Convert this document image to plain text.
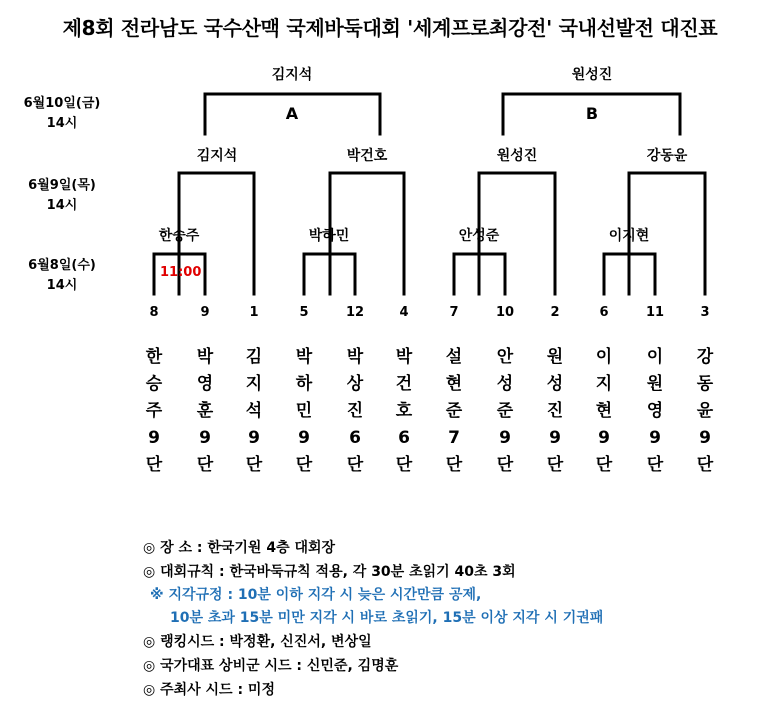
제8회 전라남도 국수산맥 국제바둑대회 '세계프로최강전' 국내선발전 대진표
6월10일(금)
14시
6월9일(목)
14시
6월8일(수)
14시
김지석	원성진
A	B
김지석	박건호	원성진	강동윤
한승주	박하민	안성준	이지현
11:00
8
한
승
주
9
단
9
박
영
훈
9
단
1
김
지
석
9
단
5
박
하
민
9
단
12
박
상
진
6
단
4
박
건
호
6
단
7
설
현
준
7
단
10
안
성
준
9
단
2
원
성
진
9
단
6
이
지
현
9
단
11
이
원
영
9
단
3
강
동
윤
9
단
◎ 장 소 : 한국기원 4층 대회장
◎ 대회규칙 : 한국바둑규칙 적용, 각 30분 초읽기 40초 3회
※ 지각규정 : 10분 이하 지각 시 늦은 시간만큼 공제,
10분 초과 15분 미만 지각 시 바로 초읽기, 15분 이상 지각 시 기권패
◎ 랭킹시드 : 박정환, 신진서, 변상일
◎ 국가대표 상비군 시드 : 신민준, 김명훈
◎ 주최사 시드 : 미정
